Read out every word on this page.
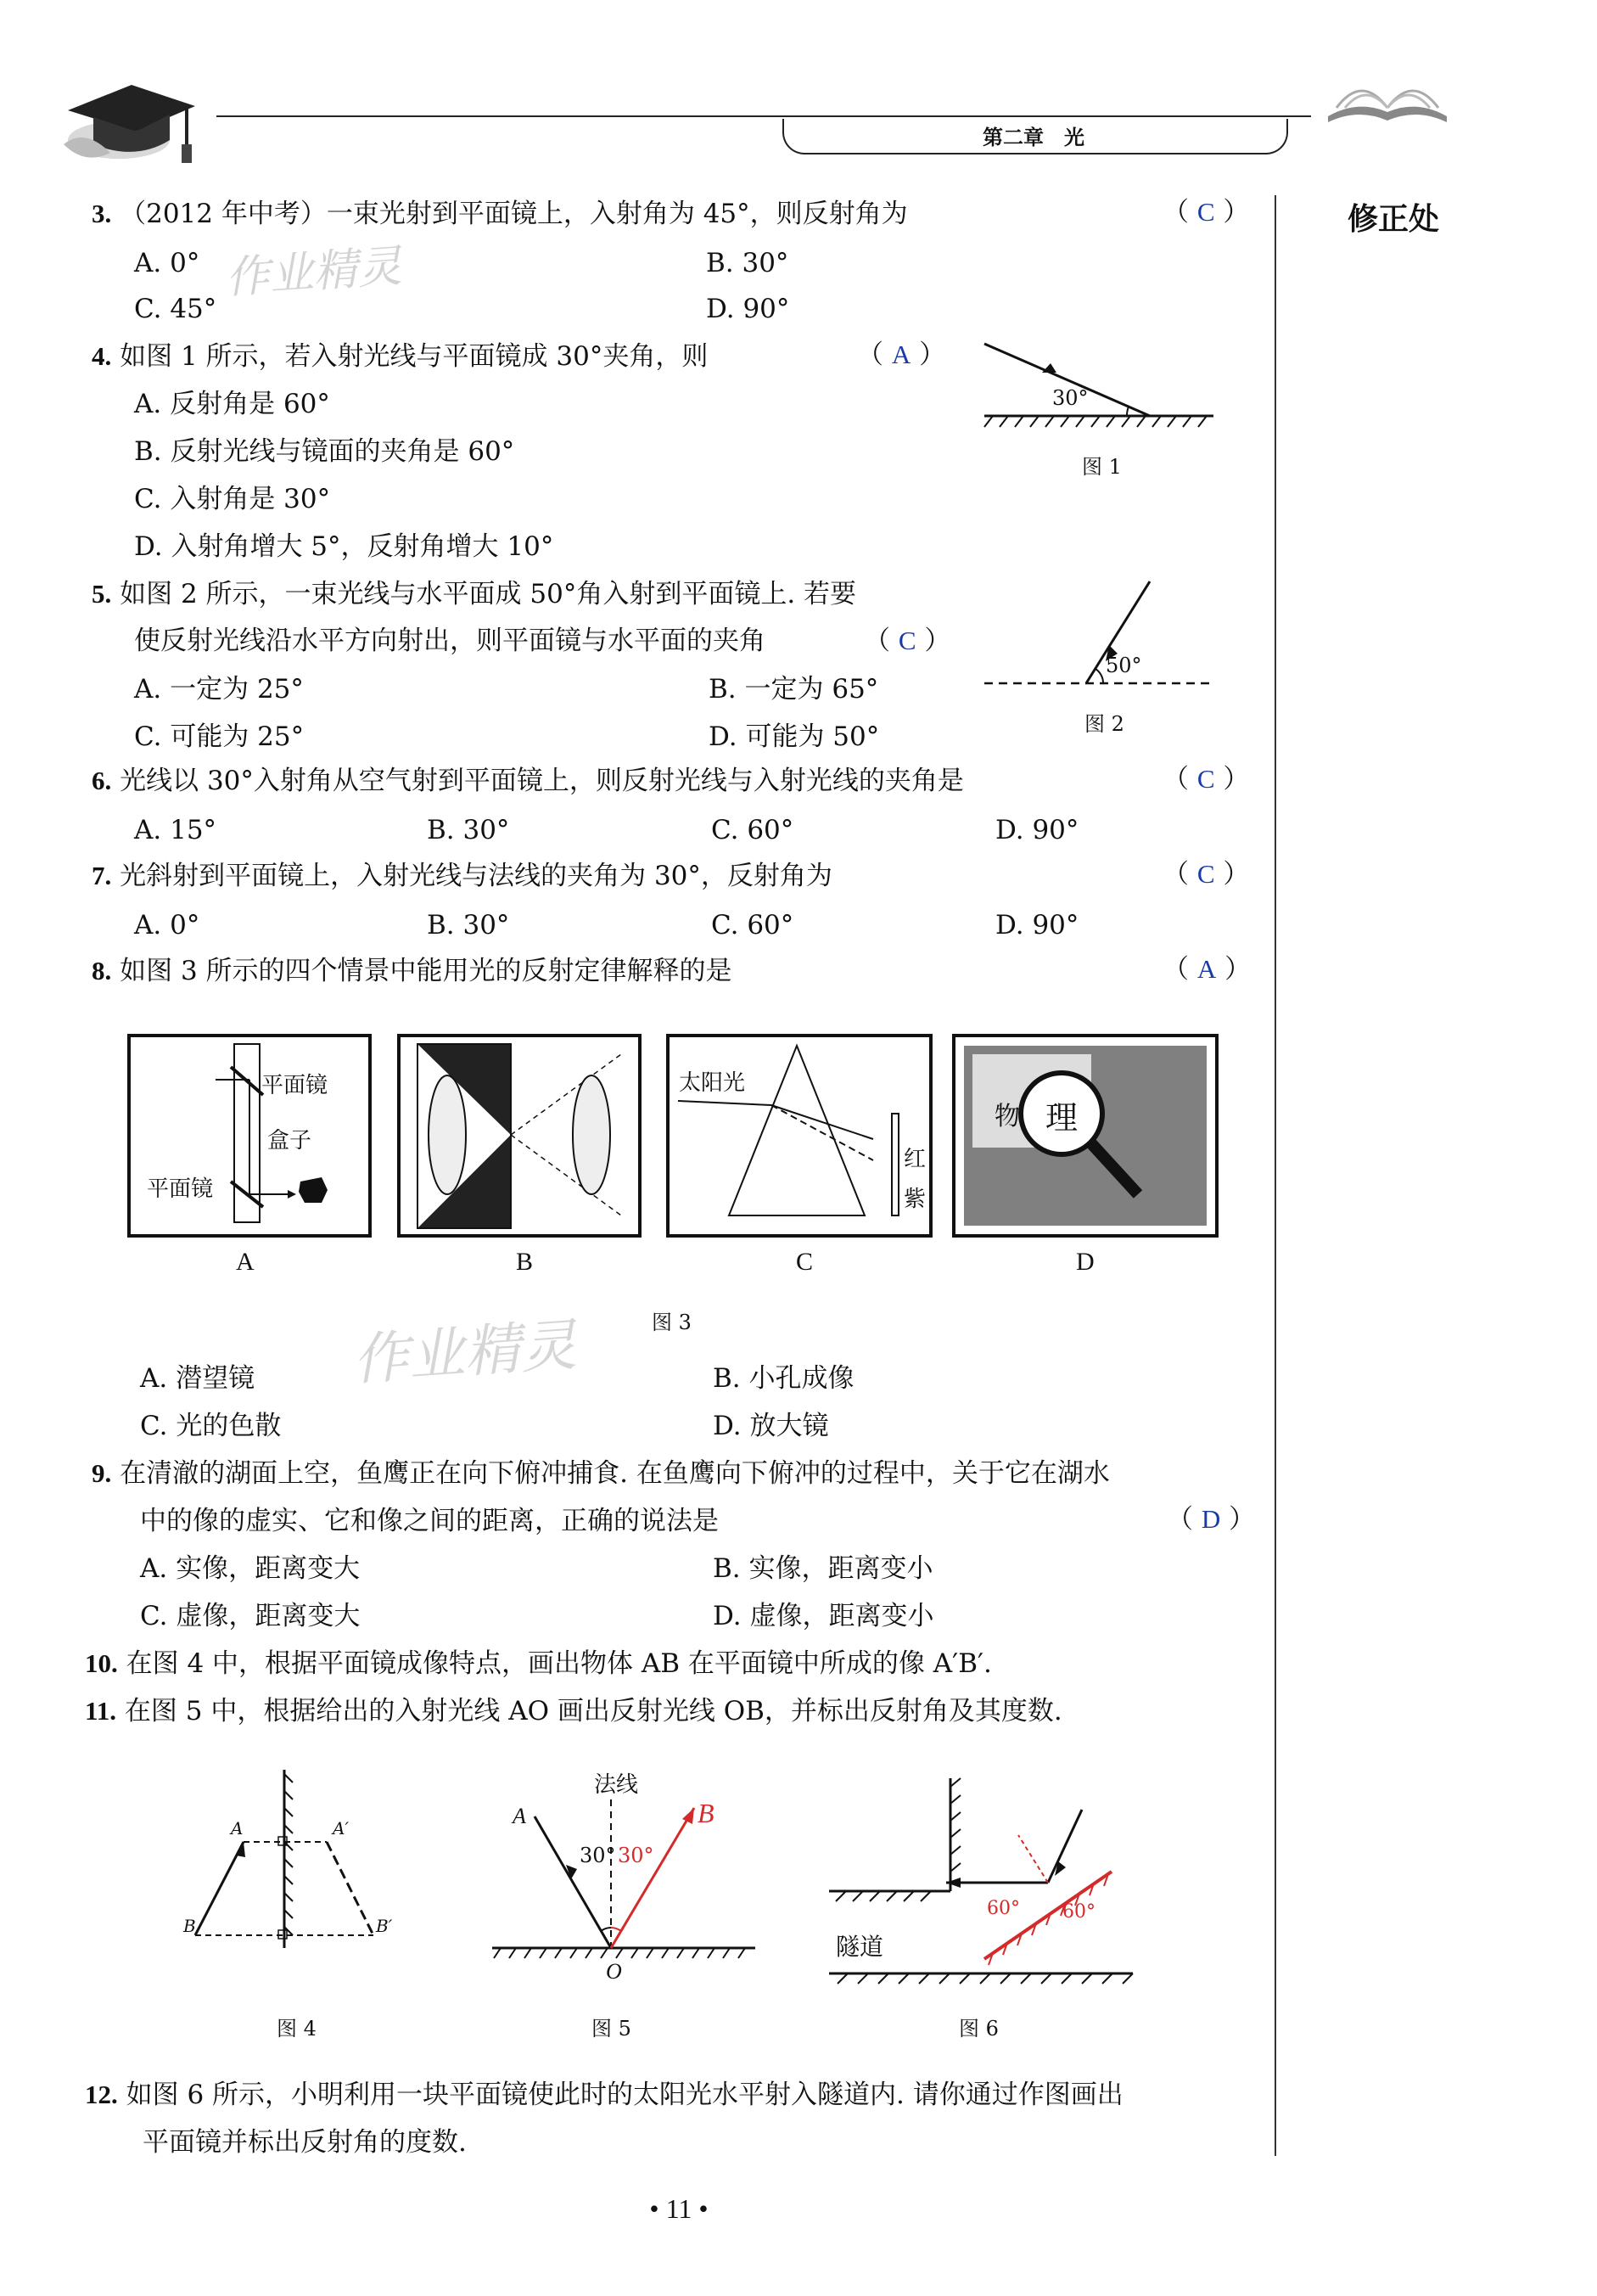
第二章　光
修正处
作业精灵
作业精灵
3. （2012 年中考）一束光射到平面镜上，入射角为 45°，则反射角为	（ C ）
A. 0°	B. 30°
C. 45°	D. 90°
4. 如图 1 所示，若入射光线与平面镜成 30°夹角，则	（ A ）
A. 反射角是 60°
B. 反射光线与镜面的夹角是 60°
C. 入射角是 30°
D. 入射角增大 5°，反射角增大 10°
30°
图 1
5. 如图 2 所示，一束光线与水平面成 50°角入射到平面镜上. 若要
使反射光线沿水平方向射出，则平面镜与水平面的夹角	（ C ）
A. 一定为 25°	B. 一定为 65°
C. 可能为 25°	D. 可能为 50°
50°
图 2
6. 光线以 30°入射角从空气射到平面镜上，则反射光线与入射光线的夹角是	（ C ）
A. 15°	B. 30°	C. 60°	D. 90°
7. 光斜射到平面镜上，入射光线与法线的夹角为 30°，反射角为	（ C ）
A. 0°	B. 30°	C. 60°	D. 90°
8. 如图 3 所示的四个情景中能用光的反射定律解释的是	（ A ）
平面镜
盒子
平面镜
太阳光
红
紫
物 理
A	B	C	D
图 3
A. 潜望镜	B. 小孔成像
C. 光的色散	D. 放大镜
9. 在清澈的湖面上空，鱼鹰正在向下俯冲捕食. 在鱼鹰向下俯冲的过程中，关于它在湖水
中的像的虚实、它和像之间的距离，正确的说法是	（ D ）
A. 实像，距离变大	B. 实像，距离变小
C. 虚像，距离变大	D. 虚像，距离变小
10. 在图 4 中，根据平面镜成像特点，画出物体 AB 在平面镜中所成的像 A′B′.
11. 在图 5 中，根据给出的入射光线 AO 画出反射光线 OB，并标出反射角及其度数.
A	A′
B	B′
图 4
法线
A	B
30° 30°
O
图 5
隧道
60° 60°
图 6
12. 如图 6 所示，小明利用一块平面镜使此时的太阳光水平射入隧道内. 请你通过作图画出
平面镜并标出反射角的度数.
• 11 •
